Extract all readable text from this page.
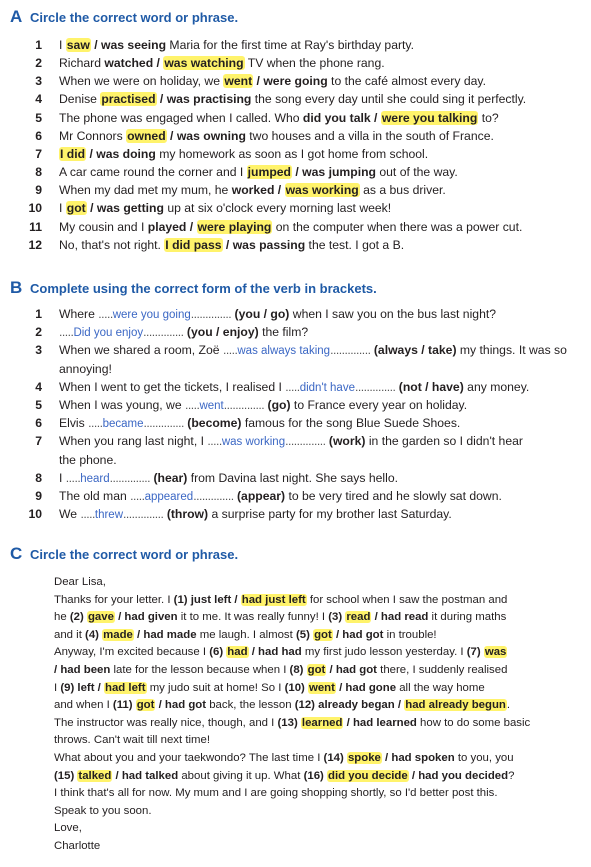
A Circle the correct word or phrase.
1 I saw / was seeing Maria for the first time at Ray's birthday party.
2 Richard watched / was watching TV when the phone rang.
3 When we were on holiday, we went / were going to the café almost every day.
4 Denise practised / was practising the song every day until she could sing it perfectly.
5 The phone was engaged when I called. Who did you talk / were you talking to?
6 Mr Connors owned / was owning two houses and a villa in the south of France.
7 I did / was doing my homework as soon as I got home from school.
8 A car came round the corner and I jumped / was jumping out of the way.
9 When my dad met my mum, he worked / was working as a bus driver.
10 I got / was getting up at six o'clock every morning last week!
11 My cousin and I played / were playing on the computer when there was a power cut.
12 No, that's not right. I did pass / was passing the test. I got a B.
B Complete using the correct form of the verb in brackets.
1 Where .....were you going.............. (you / go) when I saw you on the bus last night?
2 .....Did you enjoy.............. (you / enjoy) the film?
3 When we shared a room, Zoë .....was always taking.............. (always / take) my things. It was so
annoying!
4 When I went to get the tickets, I realised I .....didn't have.............. (not / have) any money.
5 When I was young, we .....went.............. (go) to France every year on holiday.
6 Elvis .....became.............. (become) famous for the song Blue Suede Shoes.
7 When you rang last night, I .....was working.............. (work) in the garden so I didn't hear
the phone.
8 I .....heard.............. (hear) from Davina last night. She says hello.
9 The old man .....appeared.............. (appear) to be very tired and he slowly sat down.
10 We .....threw.............. (throw) a surprise party for my brother last Saturday.
C Circle the correct word or phrase.

Dear Lisa,

Thanks for your letter. I (1) just left / had just left for school when I saw the postman and

he (2) gave / had given it to me. It was really funny! I (3) read / had read it during maths

and it (4) made / had made me laugh. I almost (5) got / had got in trouble!

Anyway, I'm excited because I (6) had / had had my first judo lesson yesterday. I (7) was

/ had been late for the lesson because when I (8) got / had got there, I suddenly realised

I (9) left / had left my judo suit at home! So I (10) went / had gone all the way home

and when I (11) got / had got back, the lesson (12) already began / had already begun.

The instructor was really nice, though, and I (13) learned / had learned how to do some basic

throws. Can't wait till next time!

What about you and your taekwondo? The last time I (14) spoke / had spoken to you, you

(15) talked / had talked about giving it up. What (16) did you decide / had you decided?

I think that's all for now. My mum and I are going shopping shortly, so I'd better post this.

Speak to you soon.

Love,

Charlotte
